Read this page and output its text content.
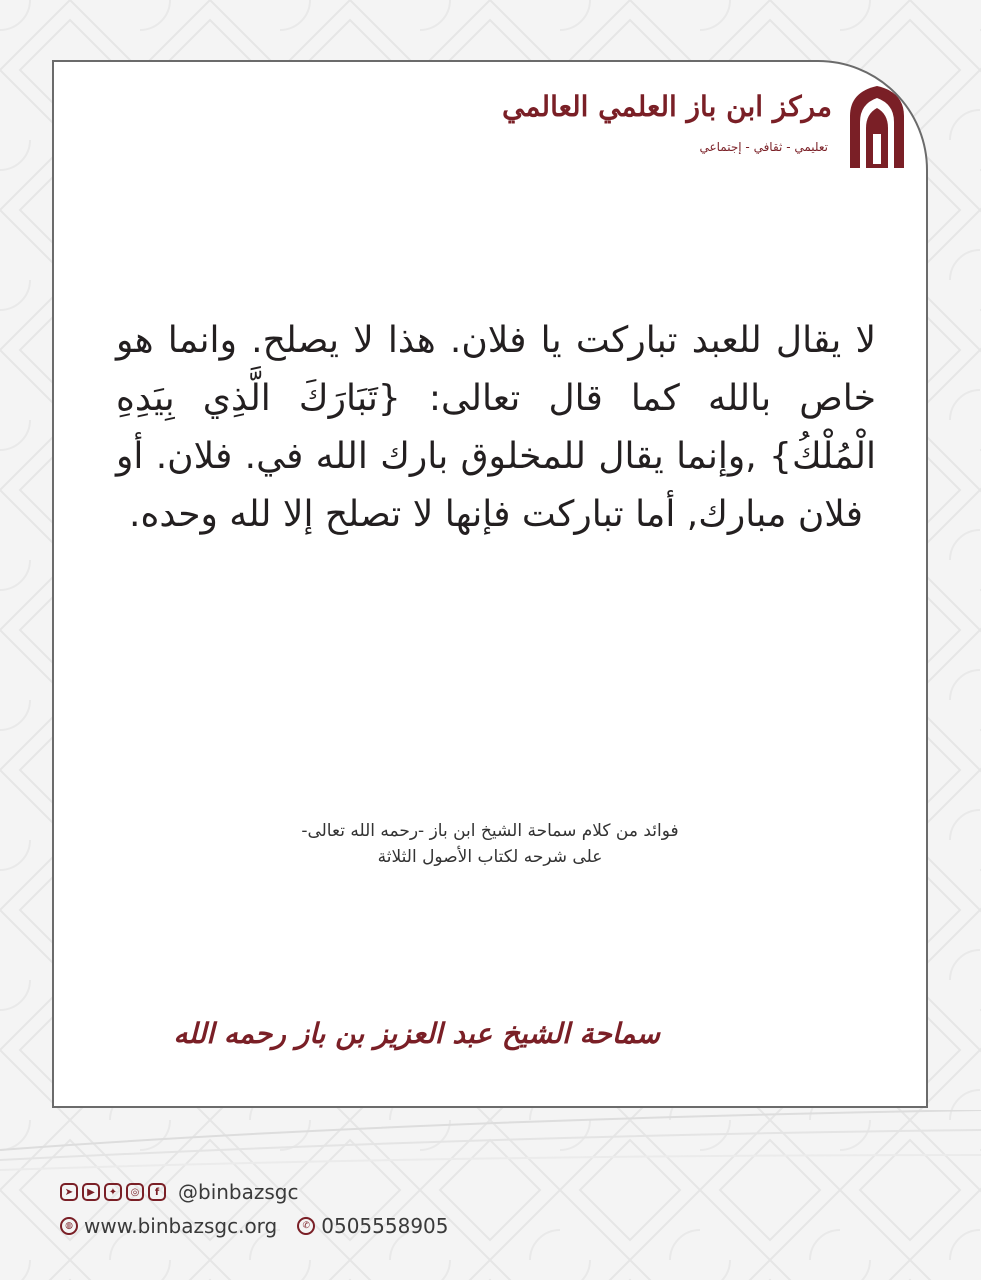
مركز ابن باز العلمي العالمي
تعليمي - ثقافي - إجتماعي
لا يقال للعبد تباركت يا فلان. هذا لا يصلح. وانما هو خاص بالله كما قال تعالى: {تَبَارَكَ الَّذِي بِيَدِهِ الْمُلْكُ} ,وإنما يقال للمخلوق بارك الله في. فلان. أو فلان مبارك, أما تباركت فإنها لا تصلح إلا لله وحده.
فوائد من كلام سماحة الشيخ ابن باز -رحمه الله تعالى-
على شرحه لكتاب الأصول الثلاثة
سماحة الشيخ عبد العزيز بن باز رحمه الله
➤	▶	✦	◎	f @binbazsgc
◍ www.binbazsgc.org	✆ 0505558905
